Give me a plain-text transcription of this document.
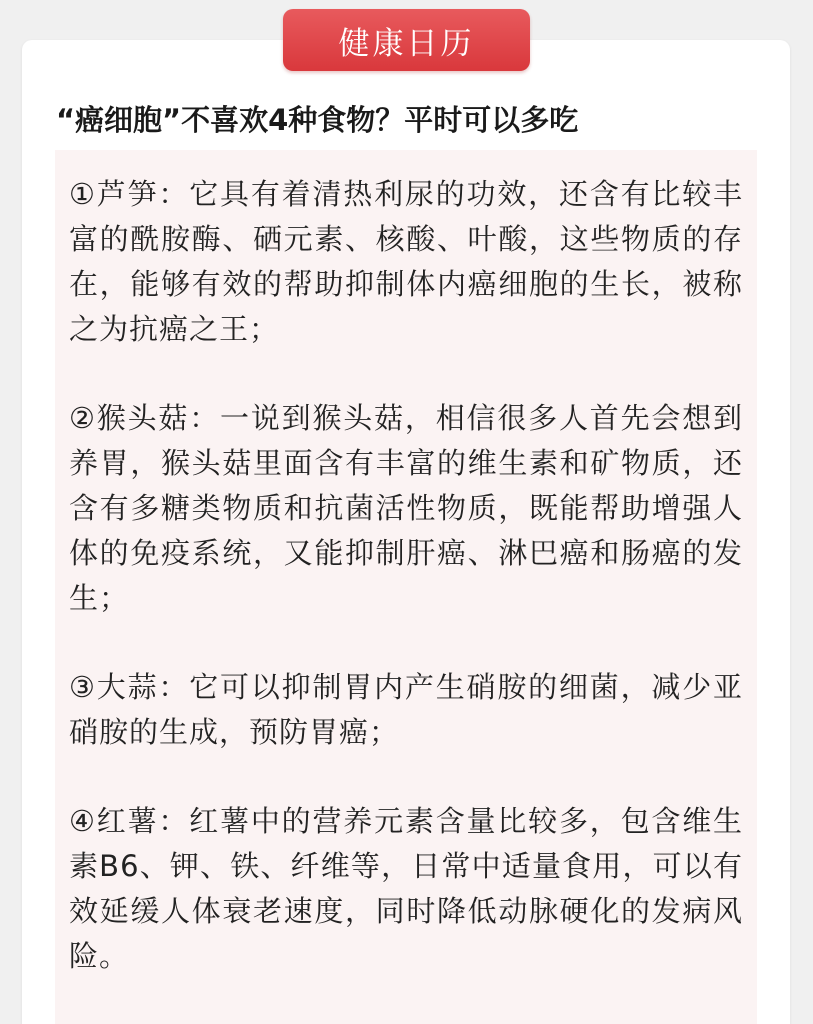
健康日历
“癌细胞”不喜欢4种食物？平时可以多吃

①芦笋：它具有着清热利尿的功效，还含有比较丰富的酰胺酶、硒元素、核酸、叶酸，这些物质的存在，能够有效的帮助抑制体内癌细胞的生长，被称之为抗癌之王；

②猴头菇：一说到猴头菇，相信很多人首先会想到养胃，猴头菇里面含有丰富的维生素和矿物质，还含有多糖类物质和抗菌活性物质，既能帮助增强人体的免疫系统，又能抑制肝癌、淋巴癌和肠癌的发生；

③大蒜：它可以抑制胃内产生硝胺的细菌，减少亚硝胺的生成，预防胃癌；

④红薯：红薯中的营养元素含量比较多，包含维生素B6、钾、铁、纤维等，日常中适量食用，可以有效延缓人体衰老速度，同时降低动脉硬化的发病风险。
